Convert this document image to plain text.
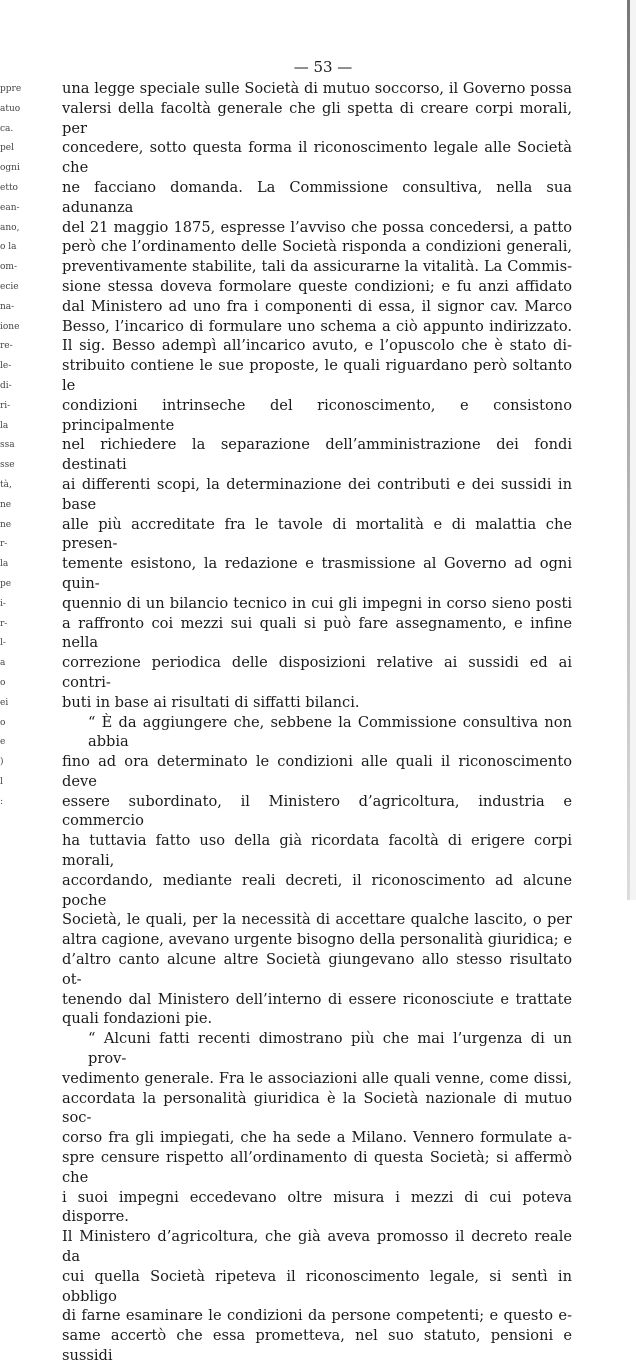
ppre
atuo
ca.
pel
ogni
etto
ean-
ano,
o la
om-
ecie
na-
ione
re-
le-
di-
ri-
la
ssa
sse
tà,
ne
ne
r-
la
pe
i-
r-
l-
a
o
ei
o
e
)
l
:
— 53 —
una legge speciale sulle Società di mutuo soccorso, il Governo possa
valersi della facoltà generale che gli spetta di creare corpi morali, per
concedere, sotto questa forma il riconoscimento legale alle Società che
ne facciano domanda. La Commissione consultiva, nella sua adunanza
del 21 maggio 1875, espresse l’avviso che possa concedersi, a patto
però che l’ordinamento delle Società risponda a condizioni generali,
preventivamente stabilite, tali da assicurarne la vitalità. La Commis-
sione stessa doveva formolare queste condizioni; e fu anzi affidato
dal Ministero ad uno fra i componenti di essa, il signor cav. Marco
Besso, l’incarico di formulare uno schema a ciò appunto indirizzato.
Il sig. Besso adempì all’incarico avuto, e l’opuscolo che è stato di-
stribuito contiene le sue proposte, le quali riguardano però soltanto le
condizioni intrinseche del riconoscimento, e consistono principalmente
nel richiedere la separazione dell’amministrazione dei fondi destinati
ai differenti scopi, la determinazione dei contributi e dei sussidi in base
alle più accreditate fra le tavole di mortalità e di malattia che presen-
temente esistono, la redazione e trasmissione al Governo ad ogni quin-
quennio di un bilancio tecnico in cui gli impegni in corso sieno posti
a raffronto coi mezzi sui quali si può fare assegnamento, e infine nella
correzione periodica delle disposizioni relative ai sussidi ed ai contri-
buti in base ai risultati di siffatti bilanci.
“ È da aggiungere che, sebbene la Commissione consultiva non abbia
fino ad ora determinato le condizioni alle quali il riconoscimento deve
essere subordinato, il Ministero d’agricoltura, industria e commercio
ha tuttavia fatto uso della già ricordata facoltà di erigere corpi morali,
accordando, mediante reali decreti, il riconoscimento ad alcune poche
Società, le quali, per la necessità di accettare qualche lascito, o per
altra cagione, avevano urgente bisogno della personalità giuridica; e
d’altro canto alcune altre Società giungevano allo stesso risultato ot-
tenendo dal Ministero dell’interno di essere riconosciute e trattate
quali fondazioni pie.
“ Alcuni fatti recenti dimostrano più che mai l’urgenza di un prov-
vedimento generale. Fra le associazioni alle quali venne, come dissi,
accordata la personalità giuridica è la Società nazionale di mutuo soc-
corso fra gli impiegati, che ha sede a Milano. Vennero formulate a-
spre censure rispetto all’ordinamento di questa Società; si affermò che
i suoi impegni eccedevano oltre misura i mezzi di cui poteva disporre.
Il Ministero d’agricoltura, che già aveva promosso il decreto reale da
cui quella Società ripeteva il riconoscimento legale, si sentì in obbligo
di farne esaminare le condizioni da persone competenti; e questo e-
same accertò che essa prometteva, nel suo statuto, pensioni e sussidi
